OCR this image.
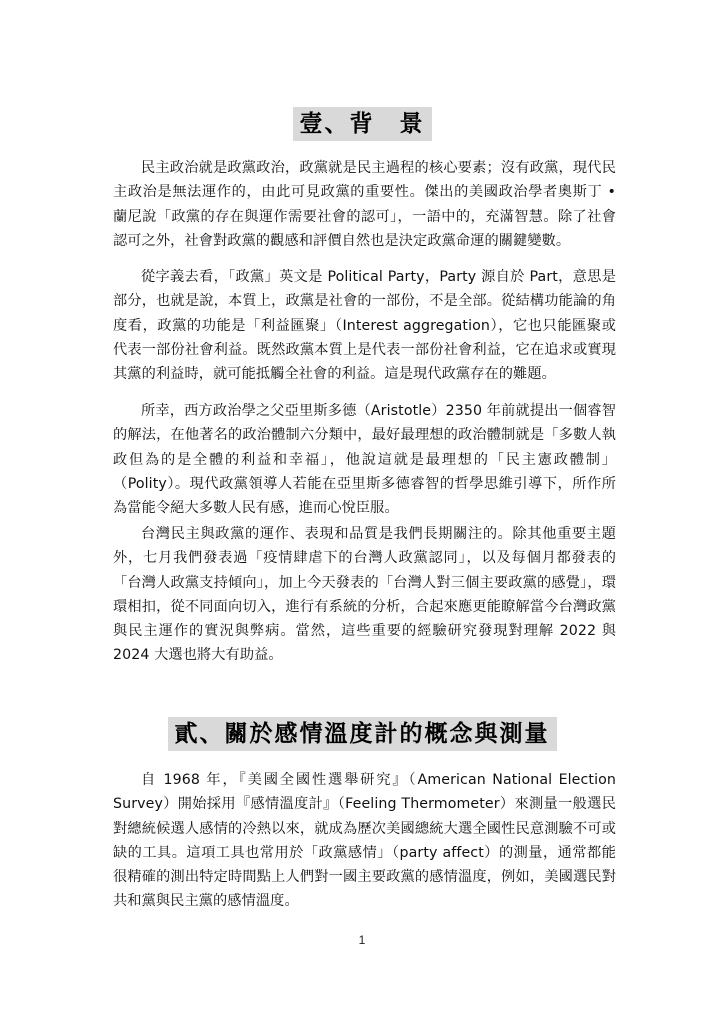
壹、背　景

民主政治就是政黨政治，政黨就是民主過程的核心要素；沒有政黨，現代民主政治是無法運作的，由此可見政黨的重要性。傑出的美國政治學者奧斯丁 • 蘭尼說「政黨的存在與運作需要社會的認可」，一語中的，充滿智慧。除了社會認可之外，社會對政黨的觀感和評價自然也是決定政黨命運的關鍵變數。

從字義去看，「政黨」英文是 Political Party，Party 源自於 Part，意思是部分，也就是說，本質上，政黨是社會的一部份，不是全部。從結構功能論的角度看，政黨的功能是「利益匯聚」（Interest aggregation），它也只能匯聚或代表一部份社會利益。既然政黨本質上是代表一部份社會利益，它在追求或實現其黨的利益時，就可能抵觸全社會的利益。這是現代政黨存在的難題。

所幸，西方政治學之父亞里斯多德（Aristotle）2350 年前就提出一個睿智的解法，在他著名的政治體制六分類中，最好最理想的政治體制就是「多數人執政但為的是全體的利益和幸福」，他說這就是最理想的「民主憲政體制」（Polity）。現代政黨領導人若能在亞里斯多德睿智的哲學思維引導下，所作所為當能令絕大多數人民有感，進而心悅臣服。

台灣民主與政黨的運作、表現和品質是我們長期關注的。除其他重要主題外，七月我們發表過「疫情肆虐下的台灣人政黨認同」，以及每個月都發表的「台灣人政黨支持傾向」，加上今天發表的「台灣人對三個主要政黨的感覺」，環環相扣，從不同面向切入，進行有系統的分析，合起來應更能瞭解當今台灣政黨與民主運作的實況與弊病。當然，這些重要的經驗研究發現對理解 2022 與 2024 大選也將大有助益。

貳、關於感情溫度計的概念與測量

自 1968 年，『美國全國性選舉研究』（American National Election Survey）開始採用『感情溫度計』（Feeling Thermometer）來測量一般選民對總統候選人感情的冷熱以來，就成為歷次美國總統大選全國性民意測驗不可或缺的工具。這項工具也常用於「政黨感情」（party affect）的測量，通常都能很精確的測出特定時間點上人們對一國主要政黨的感情溫度，例如，美國選民對共和黨與民主黨的感情溫度。

1
